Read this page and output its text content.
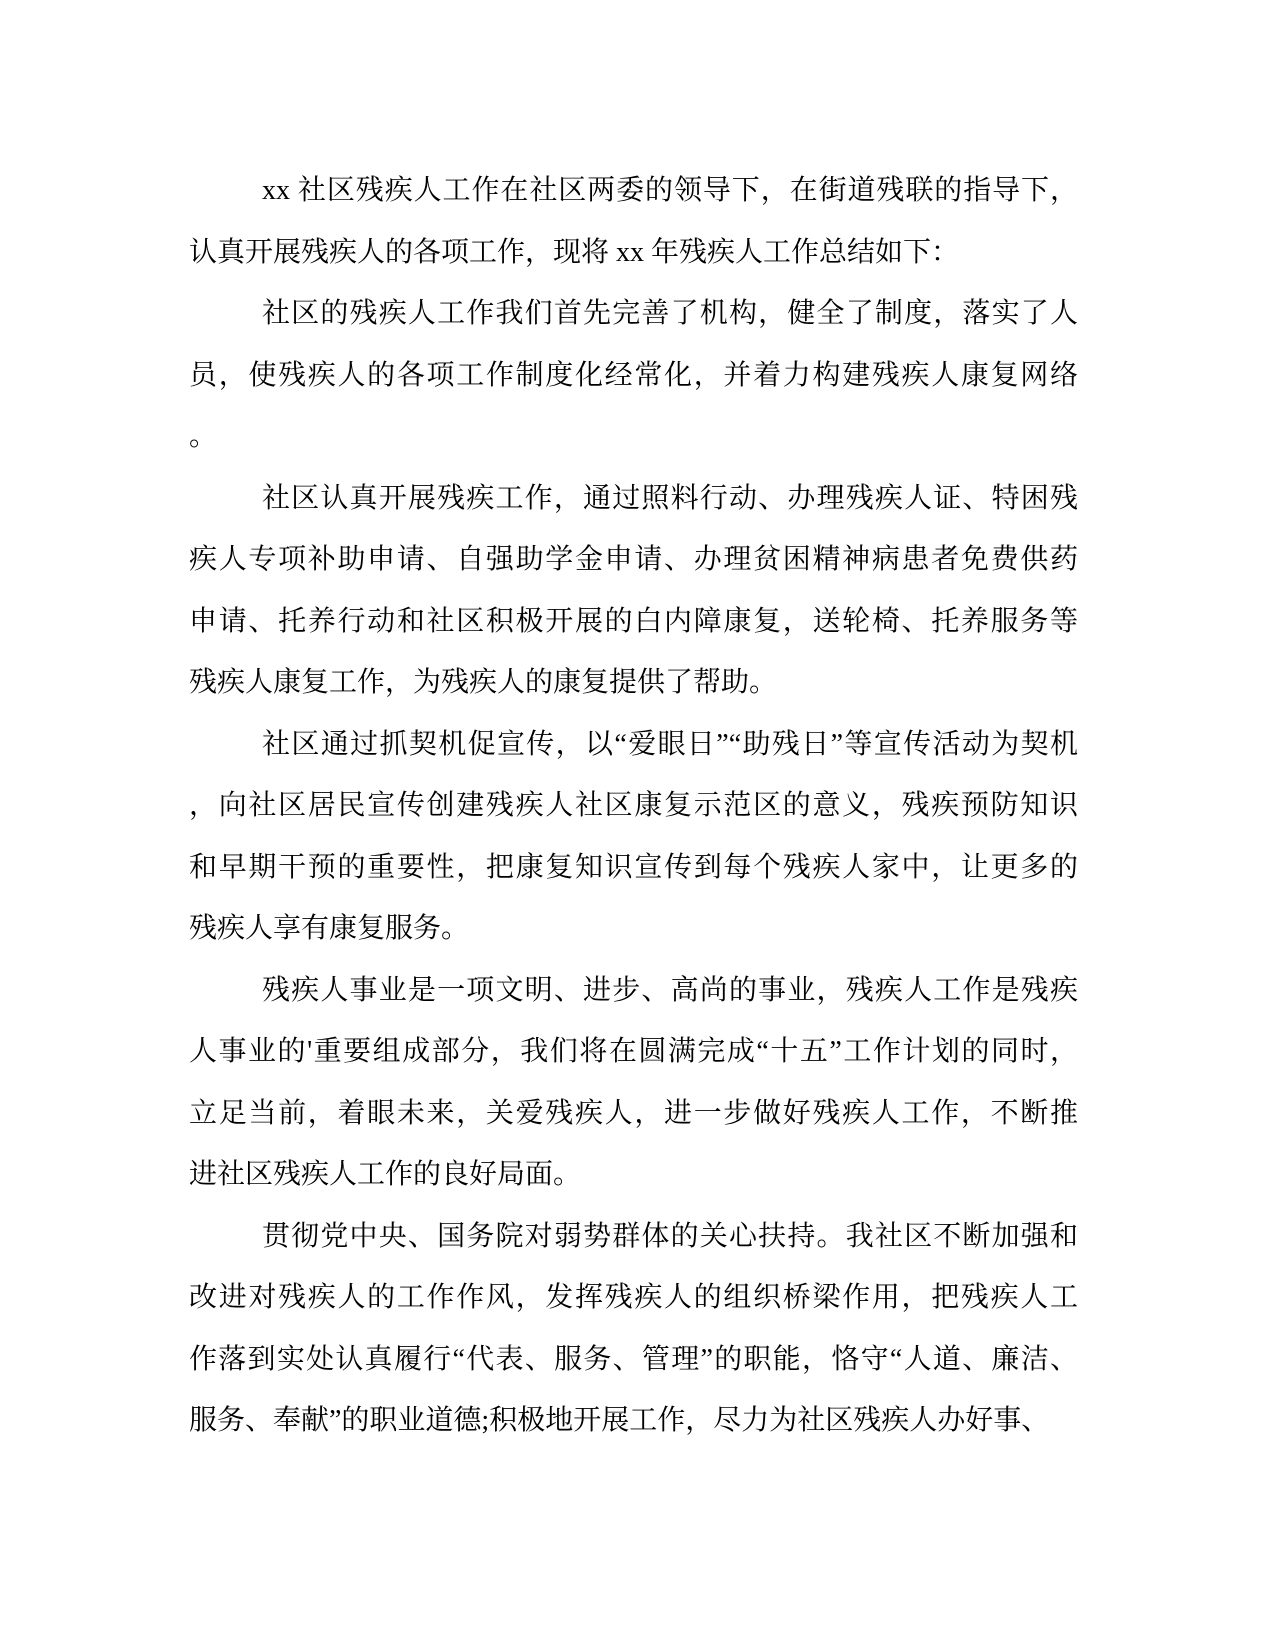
xx 社区残疾人工作在社区两委的领导下，在街道残联的指导下，
认真开展残疾人的各项工作，现将 xx 年残疾人工作总结如下：
社区的残疾人工作我们首先完善了机构，健全了制度，落实了人
员，使残疾人的各项工作制度化经常化，并着力构建残疾人康复网络
。
社区认真开展残疾工作，通过照料行动、办理残疾人证、特困残
疾人专项补助申请、自强助学金申请、办理贫困精神病患者免费供药
申请、托养行动和社区积极开展的白内障康复，送轮椅、托养服务等
残疾人康复工作，为残疾人的康复提供了帮助。
社区通过抓契机促宣传，以“爱眼日”“助残日”等宣传活动为契机
，向社区居民宣传创建残疾人社区康复示范区的意义，残疾预防知识
和早期干预的重要性，把康复知识宣传到每个残疾人家中，让更多的
残疾人享有康复服务。
残疾人事业是一项文明、进步、高尚的事业，残疾人工作是残疾
人事业的'重要组成部分，我们将在圆满完成“十五”工作计划的同时，
立足当前，着眼未来，关爱残疾人，进一步做好残疾人工作，不断推
进社区残疾人工作的良好局面。
贯彻党中央、国务院对弱势群体的关心扶持。我社区不断加强和
改进对残疾人的工作作风，发挥残疾人的组织桥梁作用，把残疾人工
作落到实处认真履行“代表、服务、管理”的职能，恪守“人道、廉洁、
服务、奉献”的职业道德;积极地开展工作，尽力为社区残疾人办好事、
